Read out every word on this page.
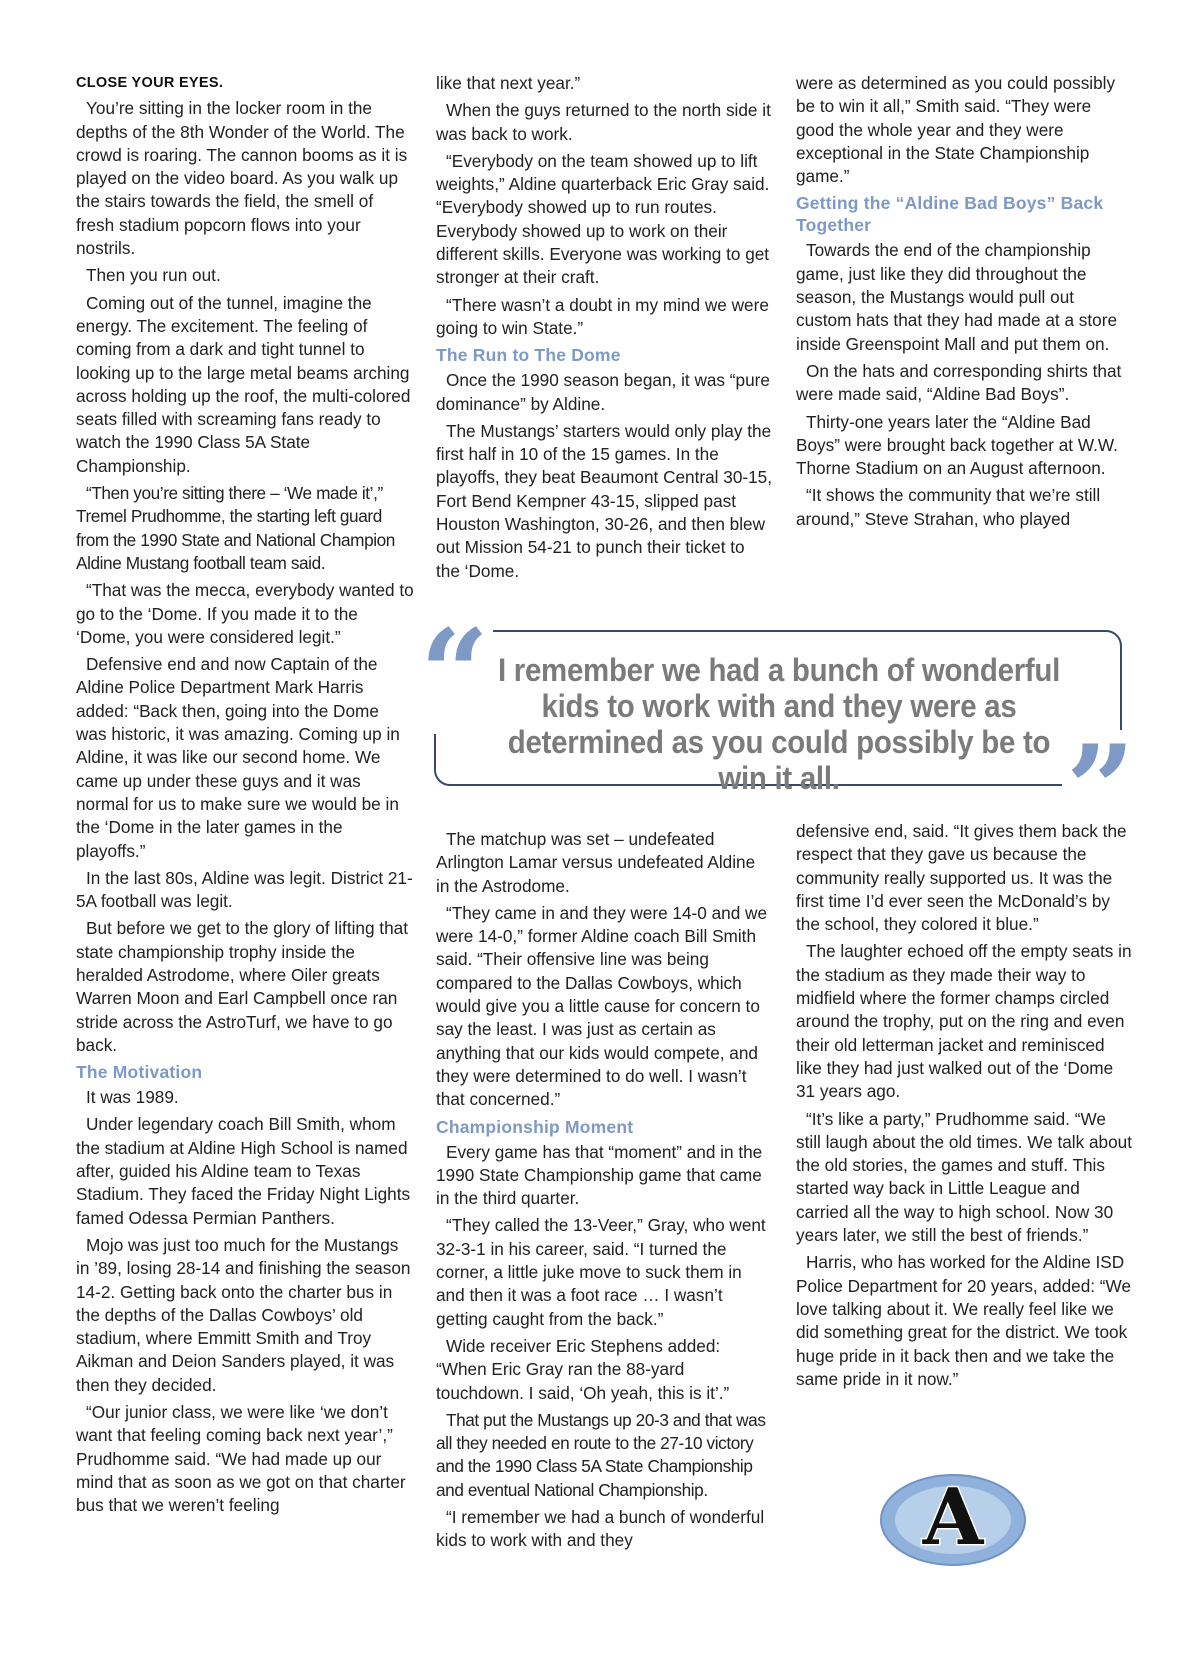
CLOSE YOUR EYES.

You’re sitting in the locker room in the depths of the 8th Wonder of the World. The crowd is roaring. The cannon booms as it is played on the video board. As you walk up the stairs towards the field, the smell of fresh stadium popcorn flows into your nostrils.

Then you run out.

Coming out of the tunnel, imagine the energy. The excitement. The feeling of coming from a dark and tight tunnel to looking up to the large metal beams arching across holding up the roof, the multi-colored seats filled with screaming fans ready to watch the 1990 Class 5A State Championship.

“Then you’re sitting there – ‘We made it’,” Tremel Prudhomme, the starting left guard from the 1990 State and National Champion Aldine Mustang football team said.

“That was the mecca, everybody wanted to go to the ‘Dome. If you made it to the ‘Dome, you were considered legit.”

Defensive end and now Captain of the Aldine Police Department Mark Harris added: “Back then, going into the Dome was historic, it was amazing. Coming up in Aldine, it was like our second home. We came up under these guys and it was normal for us to make sure we would be in the ‘Dome in the later games in the playoffs.”

In the last 80s, Aldine was legit. District 21-5A football was legit.

But before we get to the glory of lifting that state championship trophy inside the heralded Astrodome, where Oiler greats Warren Moon and Earl Campbell once ran stride across the AstroTurf, we have to go back.

The Motivation

It was 1989.

Under legendary coach Bill Smith, whom the stadium at Aldine High School is named after, guided his Aldine team to Texas Stadium. They faced the Friday Night Lights famed Odessa Permian Panthers.

Mojo was just too much for the Mustangs in ’89, losing 28-14 and finishing the season 14-2. Getting back onto the charter bus in the depths of the Dallas Cowboys’ old stadium, where Emmitt Smith and Troy Aikman and Deion Sanders played, it was then they decided.

“Our junior class, we were like ‘we don’t want that feeling coming back next year’,” Prudhomme said. “We had made up our mind that as soon as we got on that charter bus that we weren’t feeling

like that next year.”

When the guys returned to the north side it was back to work.

“Everybody on the team showed up to lift weights,” Aldine quarterback Eric Gray said. “Everybody showed up to run routes. Everybody showed up to work on their different skills. Everyone was working to get stronger at their craft.

“There wasn’t a doubt in my mind we were going to win State.”

The Run to The Dome

Once the 1990 season began, it was “pure dominance” by Aldine.

The Mustangs’ starters would only play the first half in 10 of the 15 games. In the playoffs, they beat Beaumont Central 30-15, Fort Bend Kempner 43-15, slipped past Houston Washington, 30-26, and then blew out Mission 54-21 to punch their ticket to the ‘Dome.

were as determined as you could possibly be to win it all,” Smith said. “They were good the whole year and they were exceptional in the State Championship game.”

Getting the “Aldine Bad Boys” Back Together

Towards the end of the championship game, just like they did throughout the season, the Mustangs would pull out custom hats that they had made at a store inside Greenspoint Mall and put them on.

On the hats and corresponding shirts that were made said, “Aldine Bad Boys”.

Thirty-one years later the “Aldine Bad Boys” were brought back together at W.W. Thorne Stadium on an August afternoon.

“It shows the community that we’re still around,” Steve Strahan, who played

I remember we had a bunch of wonderful kids to work with and they were as determined as you could possibly be to win it all.
“
”

The matchup was set – undefeated Arlington Lamar versus undefeated Aldine in the Astrodome.

“They came in and they were 14-0 and we were 14-0,” former Aldine coach Bill Smith said. “Their offensive line was being compared to the Dallas Cowboys, which would give you a little cause for concern to say the least. I was just as certain as anything that our kids would compete, and they were determined to do well. I wasn’t that concerned.”

Championship Moment

Every game has that “moment” and in the 1990 State Championship game that came in the third quarter.

“They called the 13-Veer,” Gray, who went 32-3-1 in his career, said. “I turned the corner, a little juke move to suck them in and then it was a foot race … I wasn’t getting caught from the back.”

Wide receiver Eric Stephens added: “When Eric Gray ran the 88-yard touchdown. I said, ‘Oh yeah, this is it’.”

That put the Mustangs up 20-3 and that was all they needed en route to the 27-10 victory and the 1990 Class 5A State Championship and eventual National Championship.

“I remember we had a bunch of wonderful kids to work with and they

defensive end, said. “It gives them back the respect that they gave us because the community really supported us. It was the first time I’d ever seen the McDonald’s by the school, they colored it blue.”

The laughter echoed off the empty seats in the stadium as they made their way to midfield where the former champs circled around the trophy, put on the ring and even their old letterman jacket and reminisced like they had just walked out of the ‘Dome 31 years ago.

“It’s like a party,” Prudhomme said. “We still laugh about the old times. We talk about the old stories, the games and stuff. This started way back in Little League and carried all the way to high school. Now 30 years later, we still the best of friends.”

Harris, who has worked for the Aldine ISD Police Department for 20 years, added: “We love talking about it. We really feel like we did something great for the district. We took huge pride in it back then and we take the same pride in it now.”

A
